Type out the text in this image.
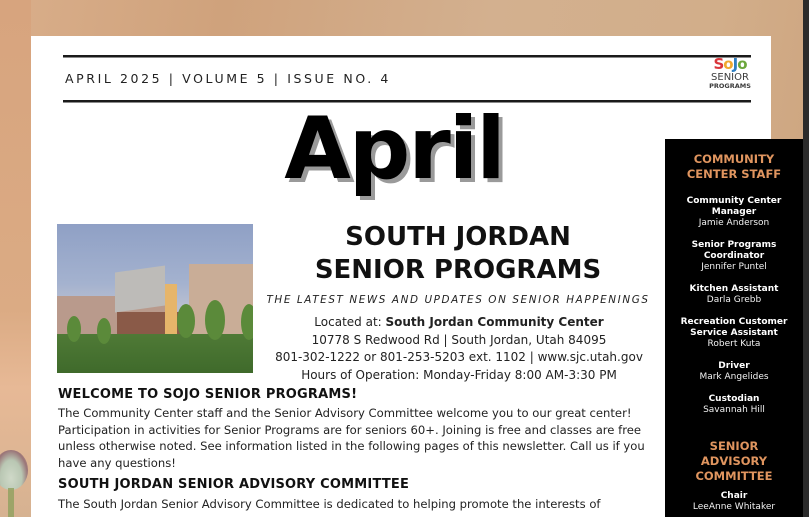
APRIL 2025 | VOLUME 5 | ISSUE NO. 4
SoJo
SENIOR
PROGRAMS
April
SOUTH JORDAN
SENIOR PROGRAMS
THE LATEST NEWS AND UPDATES ON SENIOR HAPPENINGS
Located at: South Jordan Community Center
10778 S Redwood Rd | South Jordan, Utah 84095
801-302-1222 or 801-253-5203 ext. 1102 | www.sjc.utah.gov
Hours of Operation: Monday-Friday 8:00 AM-3:30 PM
WELCOME TO SOJO SENIOR PROGRAMS!
The Community Center staff and the Senior Advisory Committee welcome you to our great center!
Participation in activities for Senior Programs are for seniors 60+. Joining is free and classes are free
unless otherwise noted. See information listed in the following pages of this newsletter. Call us if you
have any questions!
SOUTH JORDAN SENIOR ADVISORY COMMITTEE
The South Jordan Senior Advisory Committee is dedicated to helping promote the interests of
COMMUNITY
CENTER STAFF
Community Center
Manager
Jamie Anderson
Senior Programs
Coordinator
Jennifer Puntel
Kitchen Assistant
Darla Grebb
Recreation Customer
Service Assistant
Robert Kuta
Driver
Mark Angelides
Custodian
Savannah Hill
SENIOR
ADVISORY
COMMITTEE
Chair
LeeAnne Whitaker
